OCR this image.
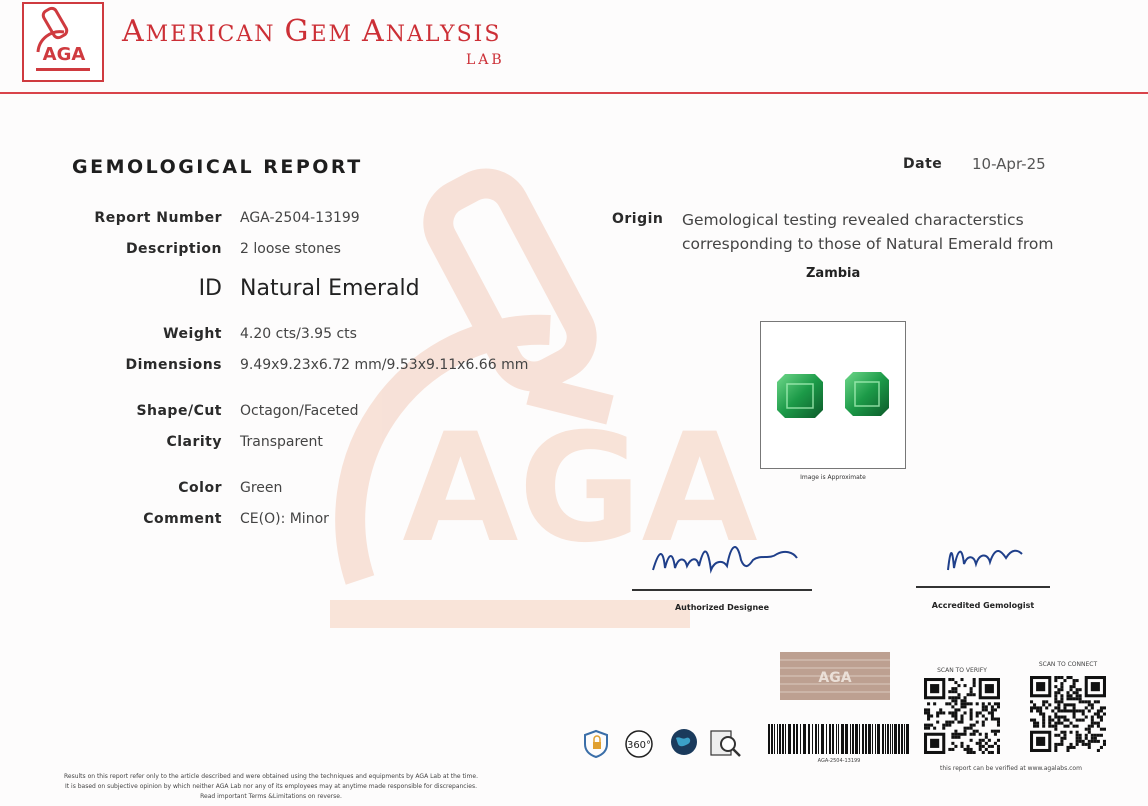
AGA
AMERICAN GEM ANALYSIS
LAB
AGA
GEMOLOGICAL REPORT	Date 10-Apr-25
Report Number AGA-2504-13199
Description 2 loose stones
ID Natural Emerald
Weight 4.20 cts/3.95 cts
Dimensions 9.49x9.23x6.72 mm/9.53x9.11x6.66 mm
Shape/Cut Octagon/Faceted
Clarity Transparent
Color Green
Comment CE(O): Minor
Origin Gemological testing revealed characterstics corresponding to those of Natural Emerald from
Zambia
Image is Approximate
Authorized Designee	Accredited Gemologist
AGA	SCAN TO VERIFY
SCAN TO CONNECT
360°
AGA-2504-13199
this report can be verified at www.agalabs.com
Results on this report refer only to the article described and were obtained using the techniques and equipments by AGA Lab at the time.
It is based on subjective opinion by which neither AGA Lab nor any of its employees may at anytime made responsible for discrepancies.
Read important Terms &Limitations on reverse.
